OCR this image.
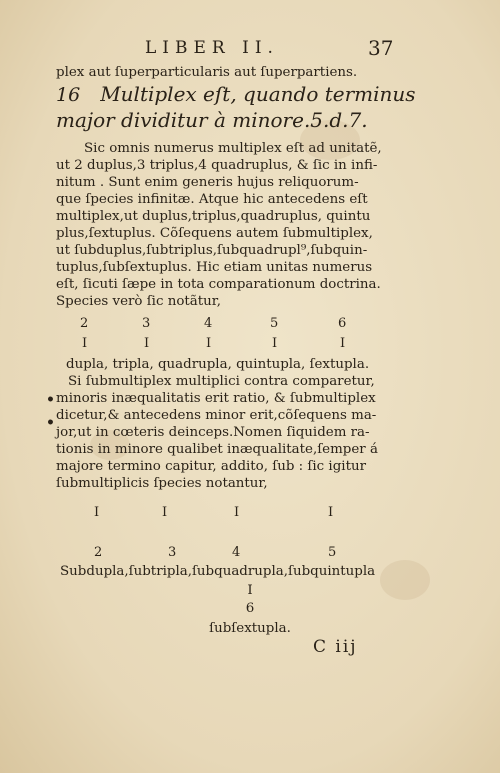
LIBER II.	37
plex aut ſuperparticularis aut ſuperpartiens.
16 Multiplex eſt, quando terminus
major dividitur à minore.5.d.7.
Sic omnis numerus multiplex eſt ad unitatẽ,
ut 2 duplus,3 triplus,4 quadruplus, & ſic in infi-
nitum . Sunt enim generis hujus reliquorum-
que ſpecies infinitæ. Atque hic antecedens eſt
multiplex,ut duplus,triplus,quadruplus, quintu
plus,ſextuplus. Cõſequens autem ſubmultiplex,
ut ſubduplus,ſubtriplus,ſubquadrupl⁹,ſubquin-
tuplus,ſubſextuplus. Hic etiam unitas numerus
eſt, ſicuti ſæpe in tota comparationum doctrina.
Species verò ſic notãtur,
2	3	4	5	6
I	I	I	I	I
dupla, tripla, quadrupla, quintupla, ſextupla.
Si ſubmultiplex multiplici contra comparetur,
minoris inæqualitatis erit ratio, & ſubmultiplex
dicetur,& antecedens minor erit,cõſequens ma-
jor,ut in cœteris deinceps.Nomen ſiquidem ra-
tionis in minore qualibet inæqualitate,ſemper á
majore termino capitur, addito, ſub : ſic igitur
ſubmultiplicis ſpecies notantur,
•
•
I	I	I	I
2	3	4	5
Subdupla,ſubtripla,ſubquadrupla,ſubquintupla
I
6
ſubſextupla.
C iij
